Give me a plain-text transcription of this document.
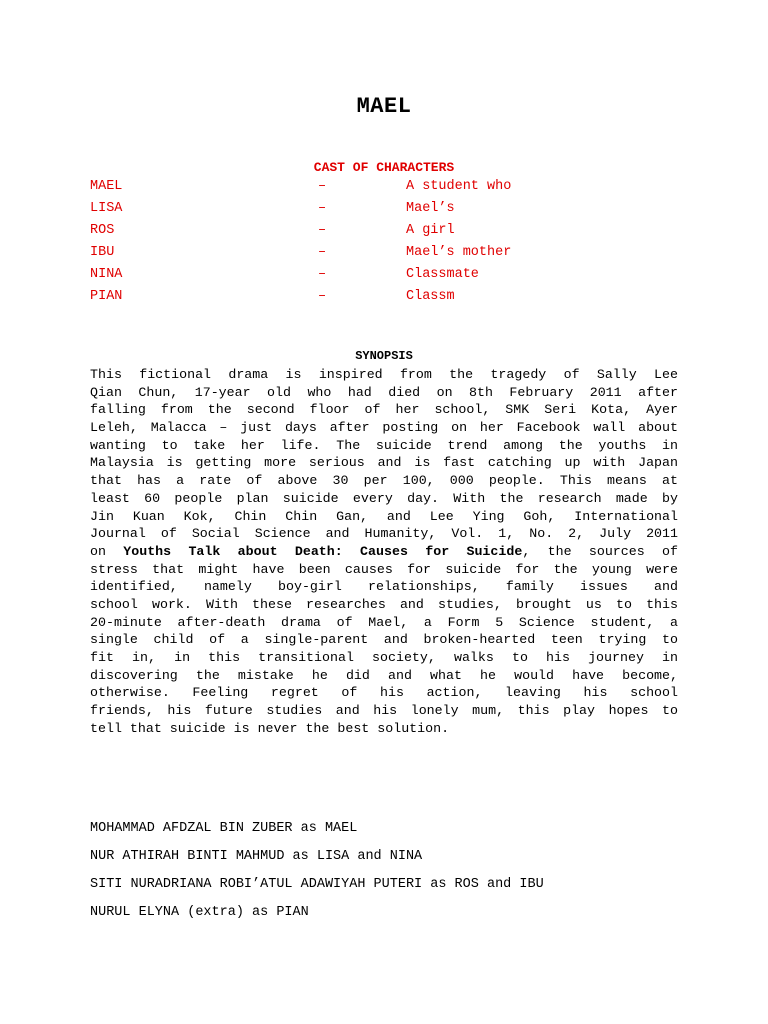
MAEL
CAST OF CHARACTERS
MAEL	–	A student who
LISA	–	Mael’s
ROS	–	A girl
IBU	–	Mael’s mother
NINA	–	Classmate
PIAN	–	Classm
SYNOPSIS
This fictional drama is inspired from the tragedy of Sally Lee
Qian Chun, 17-year old who had died on 8th February 2011 after
falling from the second floor of her school, SMK Seri Kota, Ayer
Leleh, Malacca – just days after posting on her Facebook wall about
wanting to take her life. The suicide trend among the youths in
Malaysia is getting more serious and is fast catching up with Japan
that has a rate of above 30 per 100, 000 people. This means at
least 60 people plan suicide every day. With the research made by
Jin Kuan Kok, Chin Chin Gan, and Lee Ying Goh, International
Journal of Social Science and Humanity, Vol. 1, No. 2, July 2011
on Youths Talk about Death: Causes for Suicide, the sources of
stress that might have been causes for suicide for the young were
identified, namely boy-girl relationships, family issues and
school work. With these researches and studies, brought us to this
20-minute after-death drama of Mael, a Form 5 Science student, a
single child of a single-parent and broken-hearted teen trying to
fit in, in this transitional society, walks to his journey in
discovering the mistake he did and what he would have become,
otherwise. Feeling regret of his action, leaving his school
friends, his future studies and his lonely mum, this play hopes to
tell that suicide is never the best solution.
MOHAMMAD AFDZAL BIN ZUBER as MAEL
NUR ATHIRAH BINTI MAHMUD as LISA and NINA
SITI NURADRIANA ROBI’ATUL ADAWIYAH PUTERI as ROS and IBU
NURUL ELYNA (extra) as PIAN
